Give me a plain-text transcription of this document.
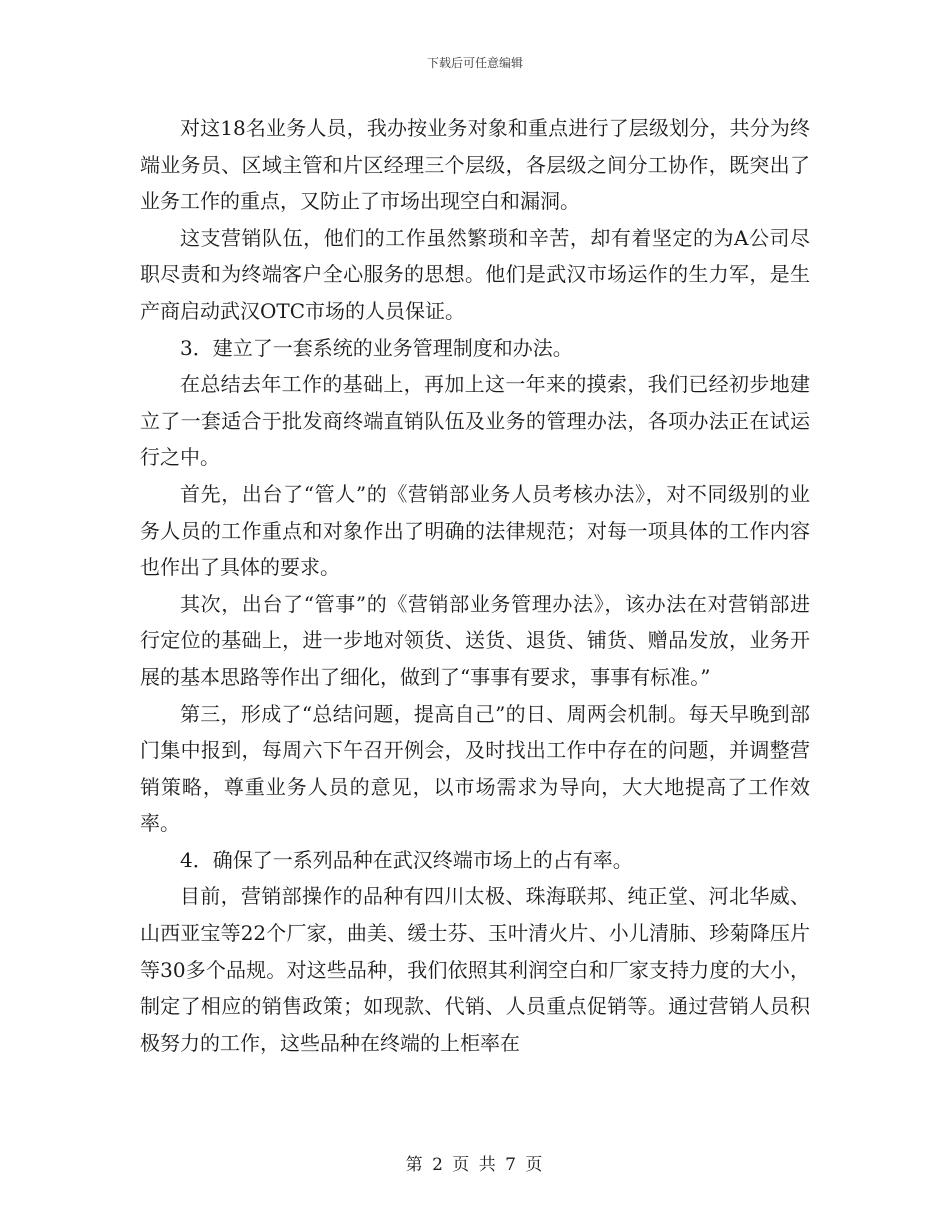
下载后可任意编辑

对这18名业务人员，我办按业务对象和重点进行了层级划分，共分为终端业务员、区域主管和片区经理三个层级，各层级之间分工协作，既突出了业务工作的重点，又防止了市场出现空白和漏洞。

这支营销队伍，他们的工作虽然繁琐和辛苦，却有着坚定的为A公司尽职尽责和为终端客户全心服务的思想。他们是武汉市场运作的生力军，是生产商启动武汉OTC市场的人员保证。

3．建立了一套系统的业务管理制度和办法。

在总结去年工作的基础上，再加上这一年来的摸索，我们已经初步地建立了一套适合于批发商终端直销队伍及业务的管理办法，各项办法正在试运行之中。

首先，出台了“管人”的《营销部业务人员考核办法》，对不同级别的业务人员的工作重点和对象作出了明确的法律规范；对每一项具体的工作内容也作出了具体的要求。

其次，出台了“管事”的《营销部业务管理办法》，该办法在对营销部进行定位的基础上，进一步地对领货、送货、退货、铺货、赠品发放，业务开展的基本思路等作出了细化，做到了“事事有要求，事事有标准。”

第三，形成了“总结问题，提高自己”的日、周两会机制。每天早晚到部门集中报到，每周六下午召开例会，及时找出工作中存在的问题，并调整营销策略，尊重业务人员的意见，以市场需求为导向，大大地提高了工作效率。

4．确保了一系列品种在武汉终端市场上的占有率。

目前，营销部操作的品种有四川太极、珠海联邦、纯正堂、河北华威、山西亚宝等22个厂家，曲美、缓士芬、玉叶清火片、小儿清肺、珍菊降压片等30多个品规。对这些品种，我们依照其利润空白和厂家支持力度的大小，制定了相应的销售政策；如现款、代销、人员重点促销等。通过营销人员积极努力的工作，这些品种在终端的上柜率在

第 2 页 共 7 页
